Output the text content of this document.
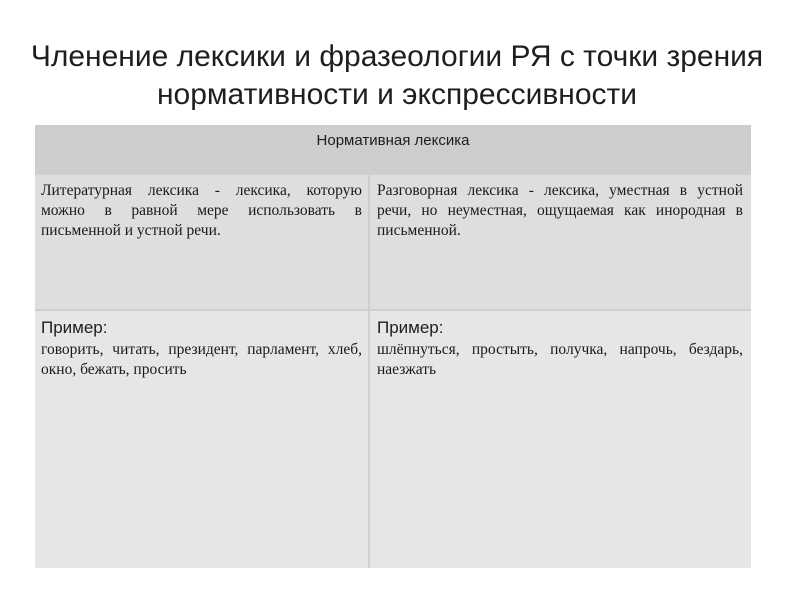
Членение лексики и фразеологии РЯ с точки зрения нормативности и экспрессивности
Нормативная лексика

Литературная лексика - лексика, которую можно в равной мере использовать в письменной и устной речи.

Разговорная лексика - лексика, уместная в устной речи, но неуместная, ощущаемая как инородная в письменной.

Пример:

говорить, читать, президент, парламент, хлеб, окно, бежать, просить

Пример:

шлёпнуться, простыть, получка, напрочь, бездарь, наезжать
